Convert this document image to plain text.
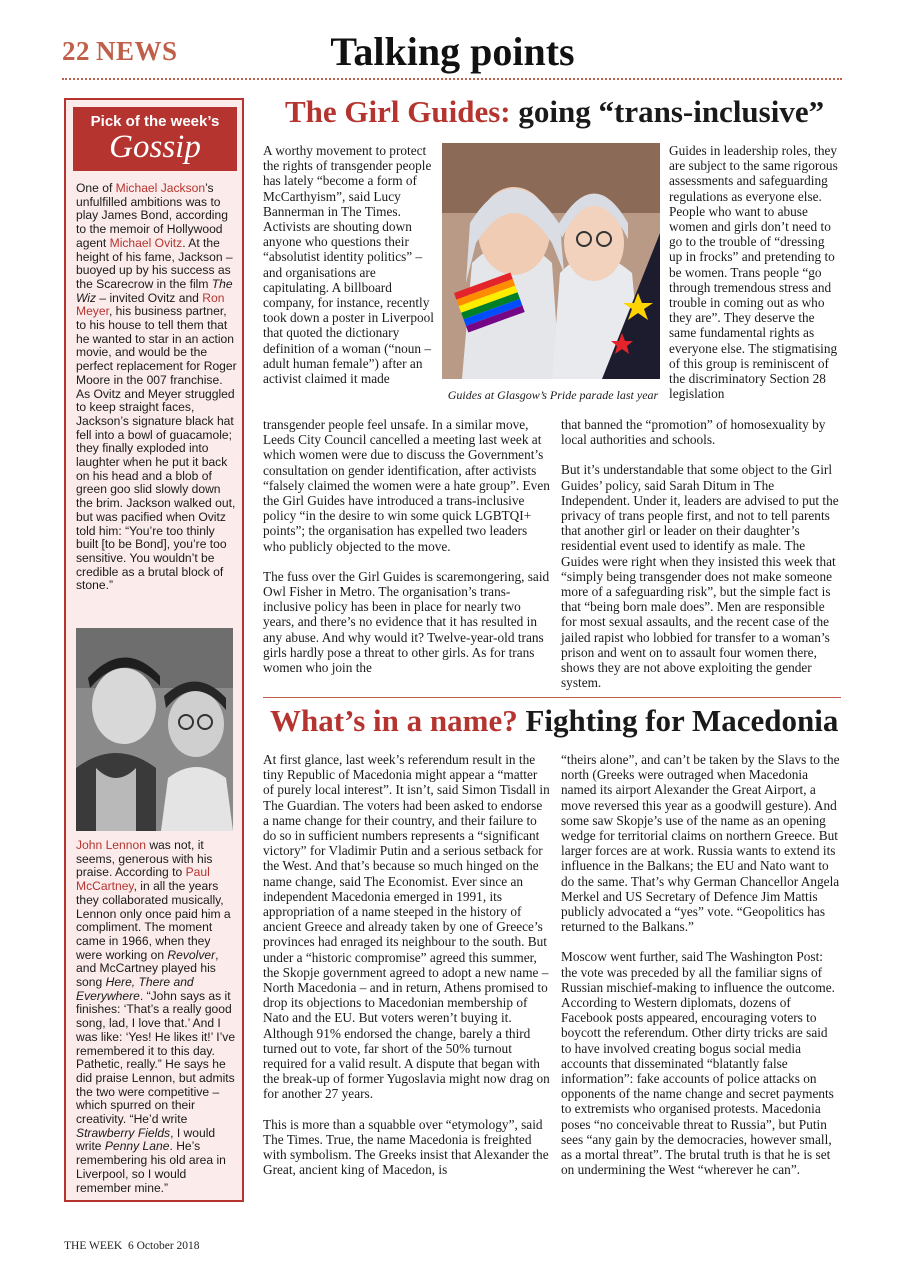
22 NEWS	Talking points
Pick of the week’s
Gossip

One of Michael Jackson’s unfulfilled ambitions was to play James Bond, according to the memoir of Hollywood agent Michael Ovitz. At the height of his fame, Jackson – buoyed up by his success as the Scarecrow in the film The Wiz – invited Ovitz and Ron Meyer, his business partner, to his house to tell them that he wanted to star in an action movie, and would be the perfect replacement for Roger Moore in the 007 franchise. As Ovitz and Meyer struggled to keep straight faces, Jackson’s signature black hat fell into a bowl of guacamole; they finally exploded into laughter when he put it back on his head and a blob of green goo slid slowly down the brim. Jackson walked out, but was pacified when Ovitz told him: “You’re too thinly built [to be Bond], you’re too sensitive. You wouldn’t be credible as a brutal block of stone.”

John Lennon was not, it seems, generous with his praise. According to Paul McCartney, in all the years they collaborated musically, Lennon only once paid him a compliment. The moment came in 1966, when they were working on Revolver, and McCartney played his song Here, There and Everywhere. “John says as it finishes: ‘That’s a really good song, lad, I love that.’ And I was like: ‘Yes! He likes it!’ I’ve remembered it to this day. Pathetic, really.” He says he did praise Lennon, but admits the two were competitive – which spurred on their creativity. “He’d write Strawberry Fields, I would write Penny Lane. He’s remembering his old area in Liverpool, so I would remember mine.”

The Girl Guides: going “trans-inclusive”

A worthy movement to protect the rights of transgender people has lately “become a form of McCarthyism”, said Lucy Bannerman in The Times. Activists are shouting down anyone who questions their “absolutist identity politics” – and organisations are capitulating. A billboard company, for instance, recently took down a poster in Liverpool that quoted the dictionary definition of a woman (“noun – adult human female”) after an activist claimed it made

Guides at Glasgow’s Pride parade last year

Guides in leadership roles, they are subject to the same rigorous assessments and safeguarding regulations as everyone else. People who want to abuse women and girls don’t need to go to the trouble of “dressing up in frocks” and pretending to be women. Trans people “go through tremendous stress and trouble in coming out as who they are”. They deserve the same fundamental rights as everyone else. The stigmatising of this group is reminiscent of the discriminatory Section 28 legislation

transgender people feel unsafe. In a similar move, Leeds City Council cancelled a meeting last week at which women were due to discuss the Government’s consultation on gender identification, after activists “falsely claimed the women were a hate group”. Even the Girl Guides have introduced a trans-inclusive policy “in the desire to win some quick LGBTQI+ points”; the organisation has expelled two leaders who publicly objected to the move.

The fuss over the Girl Guides is scaremongering, said Owl Fisher in Metro. The organisation’s trans-inclusive policy has been in place for nearly two years, and there’s no evidence that it has resulted in any abuse. And why would it? Twelve-year-old trans girls hardly pose a threat to other girls. As for trans women who join the

that banned the “promotion” of homosexuality by local authorities and schools.

But it’s understandable that some object to the Girl Guides’ policy, said Sarah Ditum in The Independent. Under it, leaders are advised to put the privacy of trans people first, and not to tell parents that another girl or leader on their daughter’s residential event used to identify as male. The Guides were right when they insisted this week that “simply being transgender does not make someone more of a safeguarding risk”, but the simple fact is that “being born male does”. Men are responsible for most sexual assaults, and the recent case of the jailed rapist who lobbied for transfer to a woman’s prison and went on to assault four women there, shows they are not above exploiting the gender system.

What’s in a name? Fighting for Macedonia

At first glance, last week’s referendum result in the tiny Republic of Macedonia might appear a “matter of purely local interest”. It isn’t, said Simon Tisdall in The Guardian. The voters had been asked to endorse a name change for their country, and their failure to do so in sufficient numbers represents a “significant victory” for Vladimir Putin and a serious setback for the West. And that’s because so much hinged on the name change, said The Economist. Ever since an independent Macedonia emerged in 1991, its appropriation of a name steeped in the history of ancient Greece and already taken by one of Greece’s provinces had enraged its neighbour to the south. But under a “historic compromise” agreed this summer, the Skopje government agreed to adopt a new name – North Macedonia – and in return, Athens promised to drop its objections to Macedonian membership of Nato and the EU. But voters weren’t buying it. Although 91% endorsed the change, barely a third turned out to vote, far short of the 50% turnout required for a valid result. A dispute that began with the break-up of former Yugoslavia might now drag on for another 27 years.

This is more than a squabble over “etymology”, said The Times. True, the name Macedonia is freighted with symbolism. The Greeks insist that Alexander the Great, ancient king of Macedon, is

“theirs alone”, and can’t be taken by the Slavs to the north (Greeks were outraged when Macedonia named its airport Alexander the Great Airport, a move reversed this year as a goodwill gesture). And some saw Skopje’s use of the name as an opening wedge for territorial claims on northern Greece. But larger forces are at work. Russia wants to extend its influence in the Balkans; the EU and Nato want to do the same. That’s why German Chancellor Angela Merkel and US Secretary of Defence Jim Mattis publicly advocated a “yes” vote. “Geopolitics has returned to the Balkans.”

Moscow went further, said The Washington Post: the vote was preceded by all the familiar signs of Russian mischief-making to influence the outcome. According to Western diplomats, dozens of Facebook posts appeared, encouraging voters to boycott the referendum. Other dirty tricks are said to have involved creating bogus social media accounts that disseminated “blatantly false information”: fake accounts of police attacks on opponents of the name change and secret payments to extremists who organised protests. Macedonia poses “no conceivable threat to Russia”, but Putin sees “any gain by the democracies, however small, as a mortal threat”. The brutal truth is that he is set on undermining the West “wherever he can”.

THE WEEK 6 October 2018
